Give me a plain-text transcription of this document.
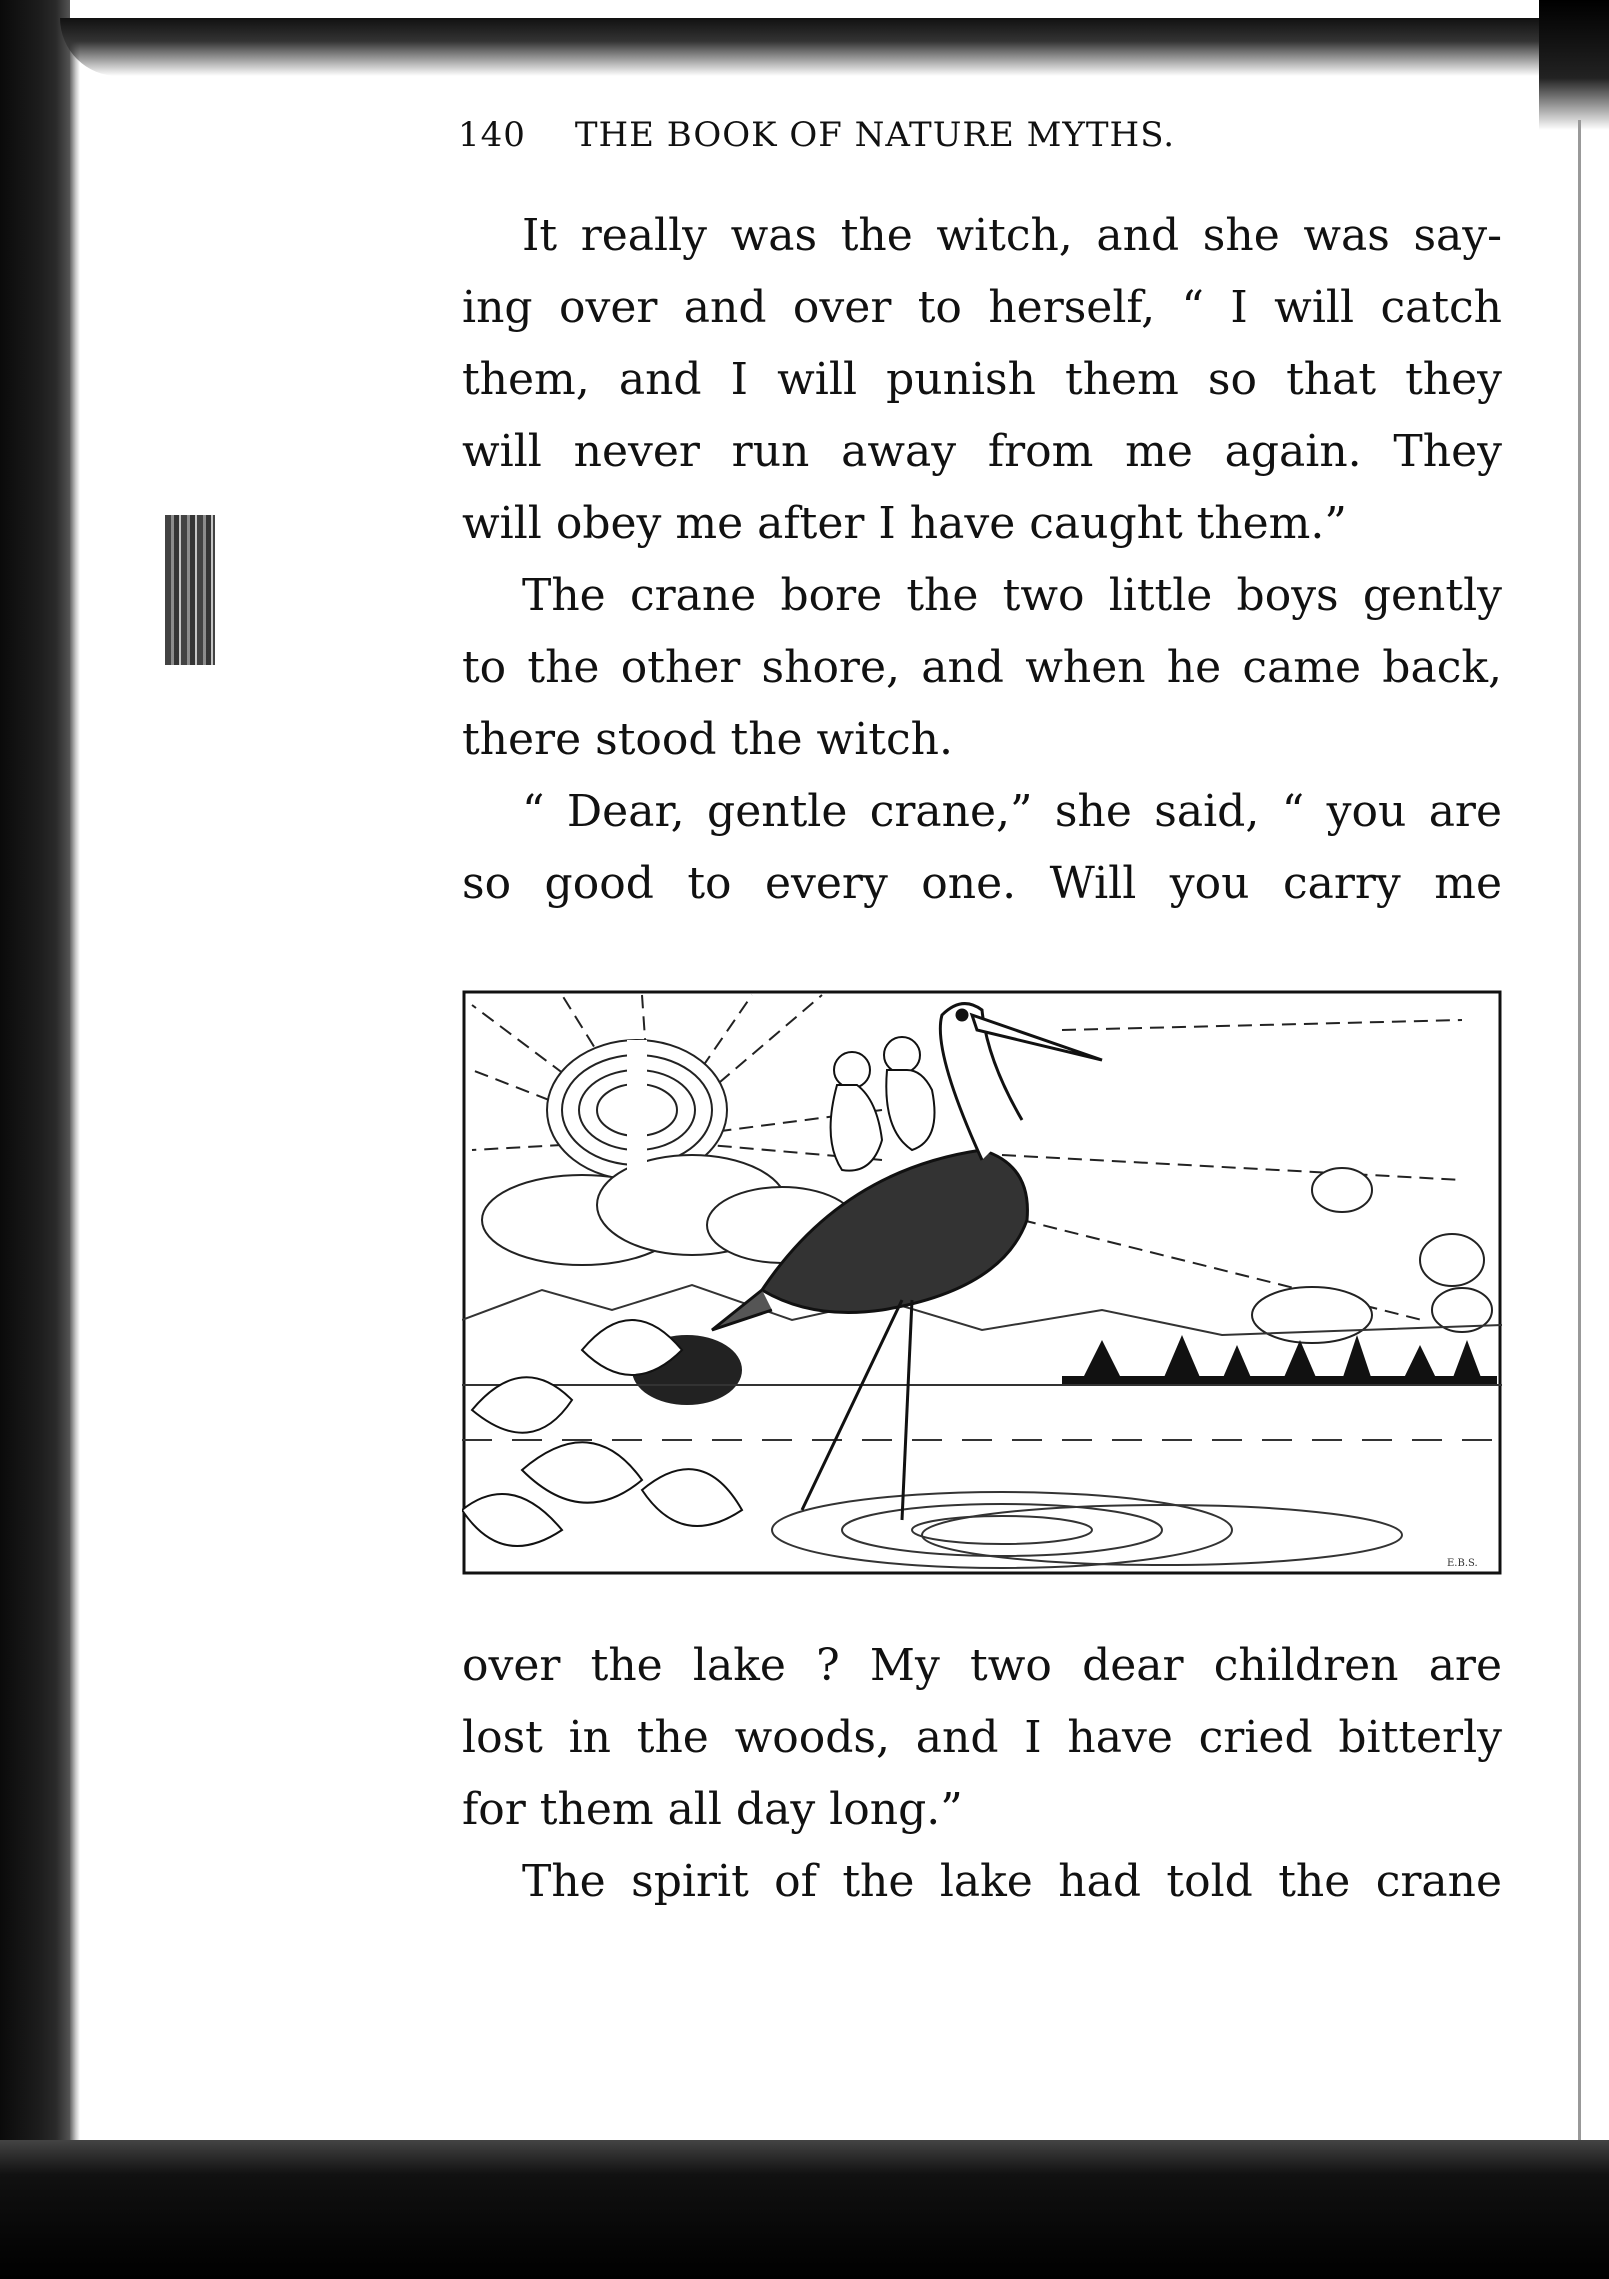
140 THE BOOK OF NATURE MYTHS.
It really was the witch, and she was say-
ing over and over to herself, “ I will catch
them, and I will punish them so that they
will never run away from me again. They
will obey me after I have caught them.”
The crane bore the two little boys gently
to the other shore, and when he came back,
there stood the witch.
“ Dear, gentle crane,” she said, “ you are
so good to every one. Will you carry me
E.B.S.
over the lake ? My two dear children are
lost in the woods, and I have cried bitterly
for them all day long.”
The spirit of the lake had told the crane
